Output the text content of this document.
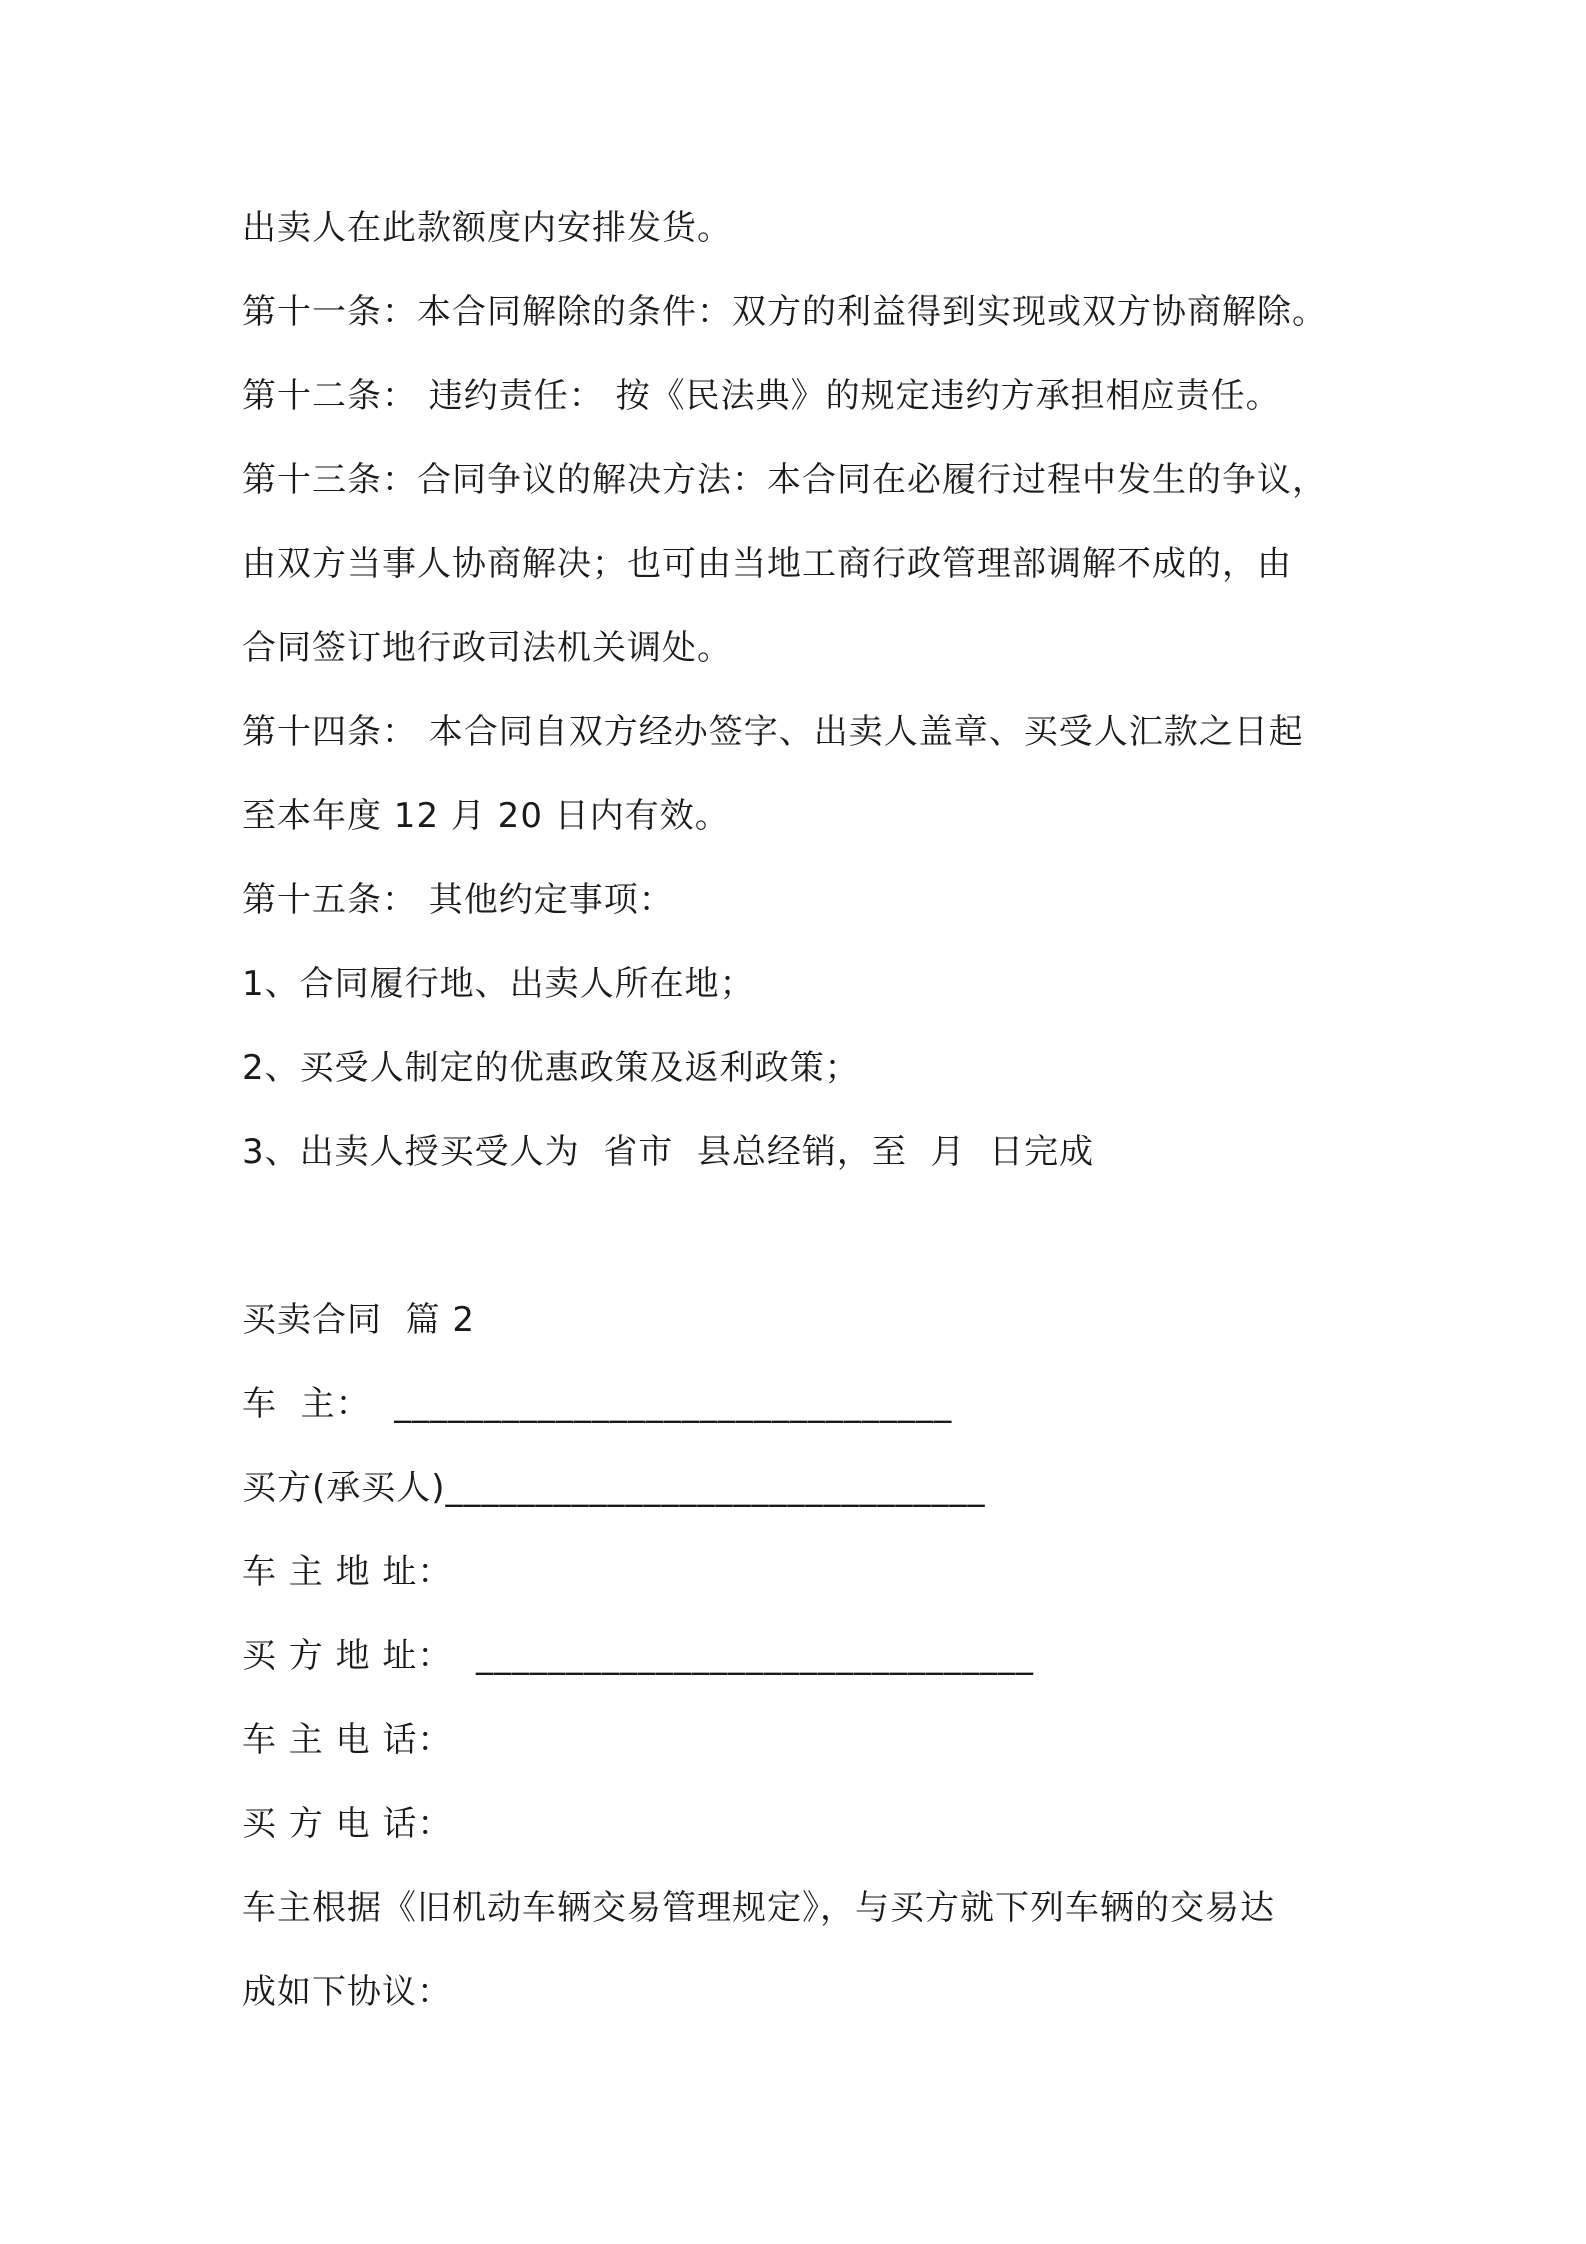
出卖人在此款额度内安排发货。
第十一条：本合同解除的条件：双方的利益得到实现或双方协商解除。
第十二条： 违约责任： 按《民法典》的规定违约方承担相应责任。
第十三条：合同争议的解决方法：本合同在必履行过程中发生的争议，
由双方当事人协商解决；也可由当地工商行政管理部调解不成的，由
合同签订地行政司法机关调处。
第十四条： 本合同自双方经办签字、出卖人盖章、买受人汇款之日起
至本年度 12 月 20 日内有效。
第十五条： 其他约定事项：
1、合同履行地、出卖人所在地；
2、买受人制定的优惠政策及返利政策；
3、出卖人授买受人为  省市  县总经销，至  月  日完成
买卖合同  篇 2
车  主：  _______________________________
买方(承买人)______________________________
车 主 地 址：
买 方 地 址：  _______________________________
车 主 电 话：
买 方 电 话：
车主根据《旧机动车辆交易管理规定》，与买方就下列车辆的交易达
成如下协议：
